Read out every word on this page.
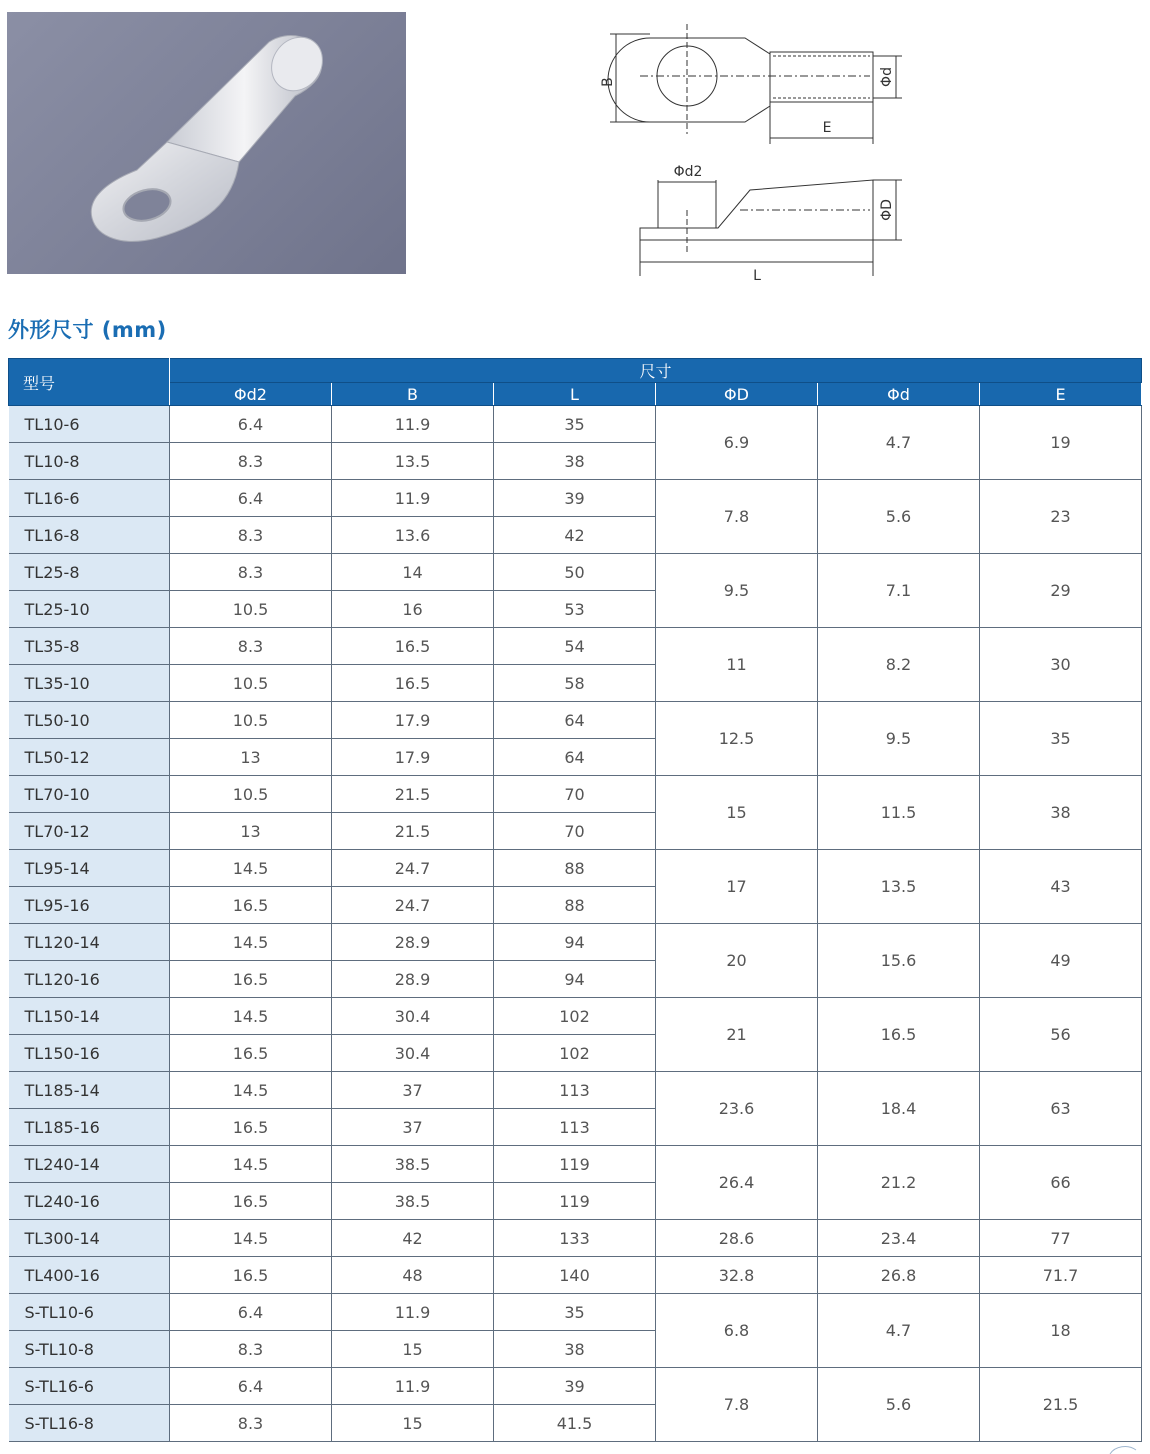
B	Φd
E
Φd2
ΦD
L
外形尺寸 (mm)
型号	尺寸					
	Φd2	B	L	ΦD	Φd	E
TL10-6	6.4	11.9	35	6.9	4.7	19
TL10-8	8.3	13.5	38			
TL16-6	6.4	11.9	39	7.8	5.6	23
TL16-8	8.3	13.6	42			
TL25-8	8.3	14	50	9.5	7.1	29
TL25-10	10.5	16	53			
TL35-8	8.3	16.5	54	11	8.2	30
TL35-10	10.5	16.5	58			
TL50-10	10.5	17.9	64	12.5	9.5	35
TL50-12	13	17.9	64			
TL70-10	10.5	21.5	70	15	11.5	38
TL70-12	13	21.5	70			
TL95-14	14.5	24.7	88	17	13.5	43
TL95-16	16.5	24.7	88			
TL120-14	14.5	28.9	94	20	15.6	49
TL120-16	16.5	28.9	94			
TL150-14	14.5	30.4	102	21	16.5	56
TL150-16	16.5	30.4	102			
TL185-14	14.5	37	113	23.6	18.4	63
TL185-16	16.5	37	113			
TL240-14	14.5	38.5	119	26.4	21.2	66
TL240-16	16.5	38.5	119			
TL300-14	14.5	42	133	28.6	23.4	77
TL400-16	16.5	48	140	32.8	26.8	71.7
S-TL10-6	6.4	11.9	35	6.8	4.7	18
S-TL10-8	8.3	15	38			
S-TL16-6	6.4	11.9	39	7.8	5.6	21.5
S-TL16-8	8.3	15	41.5			
